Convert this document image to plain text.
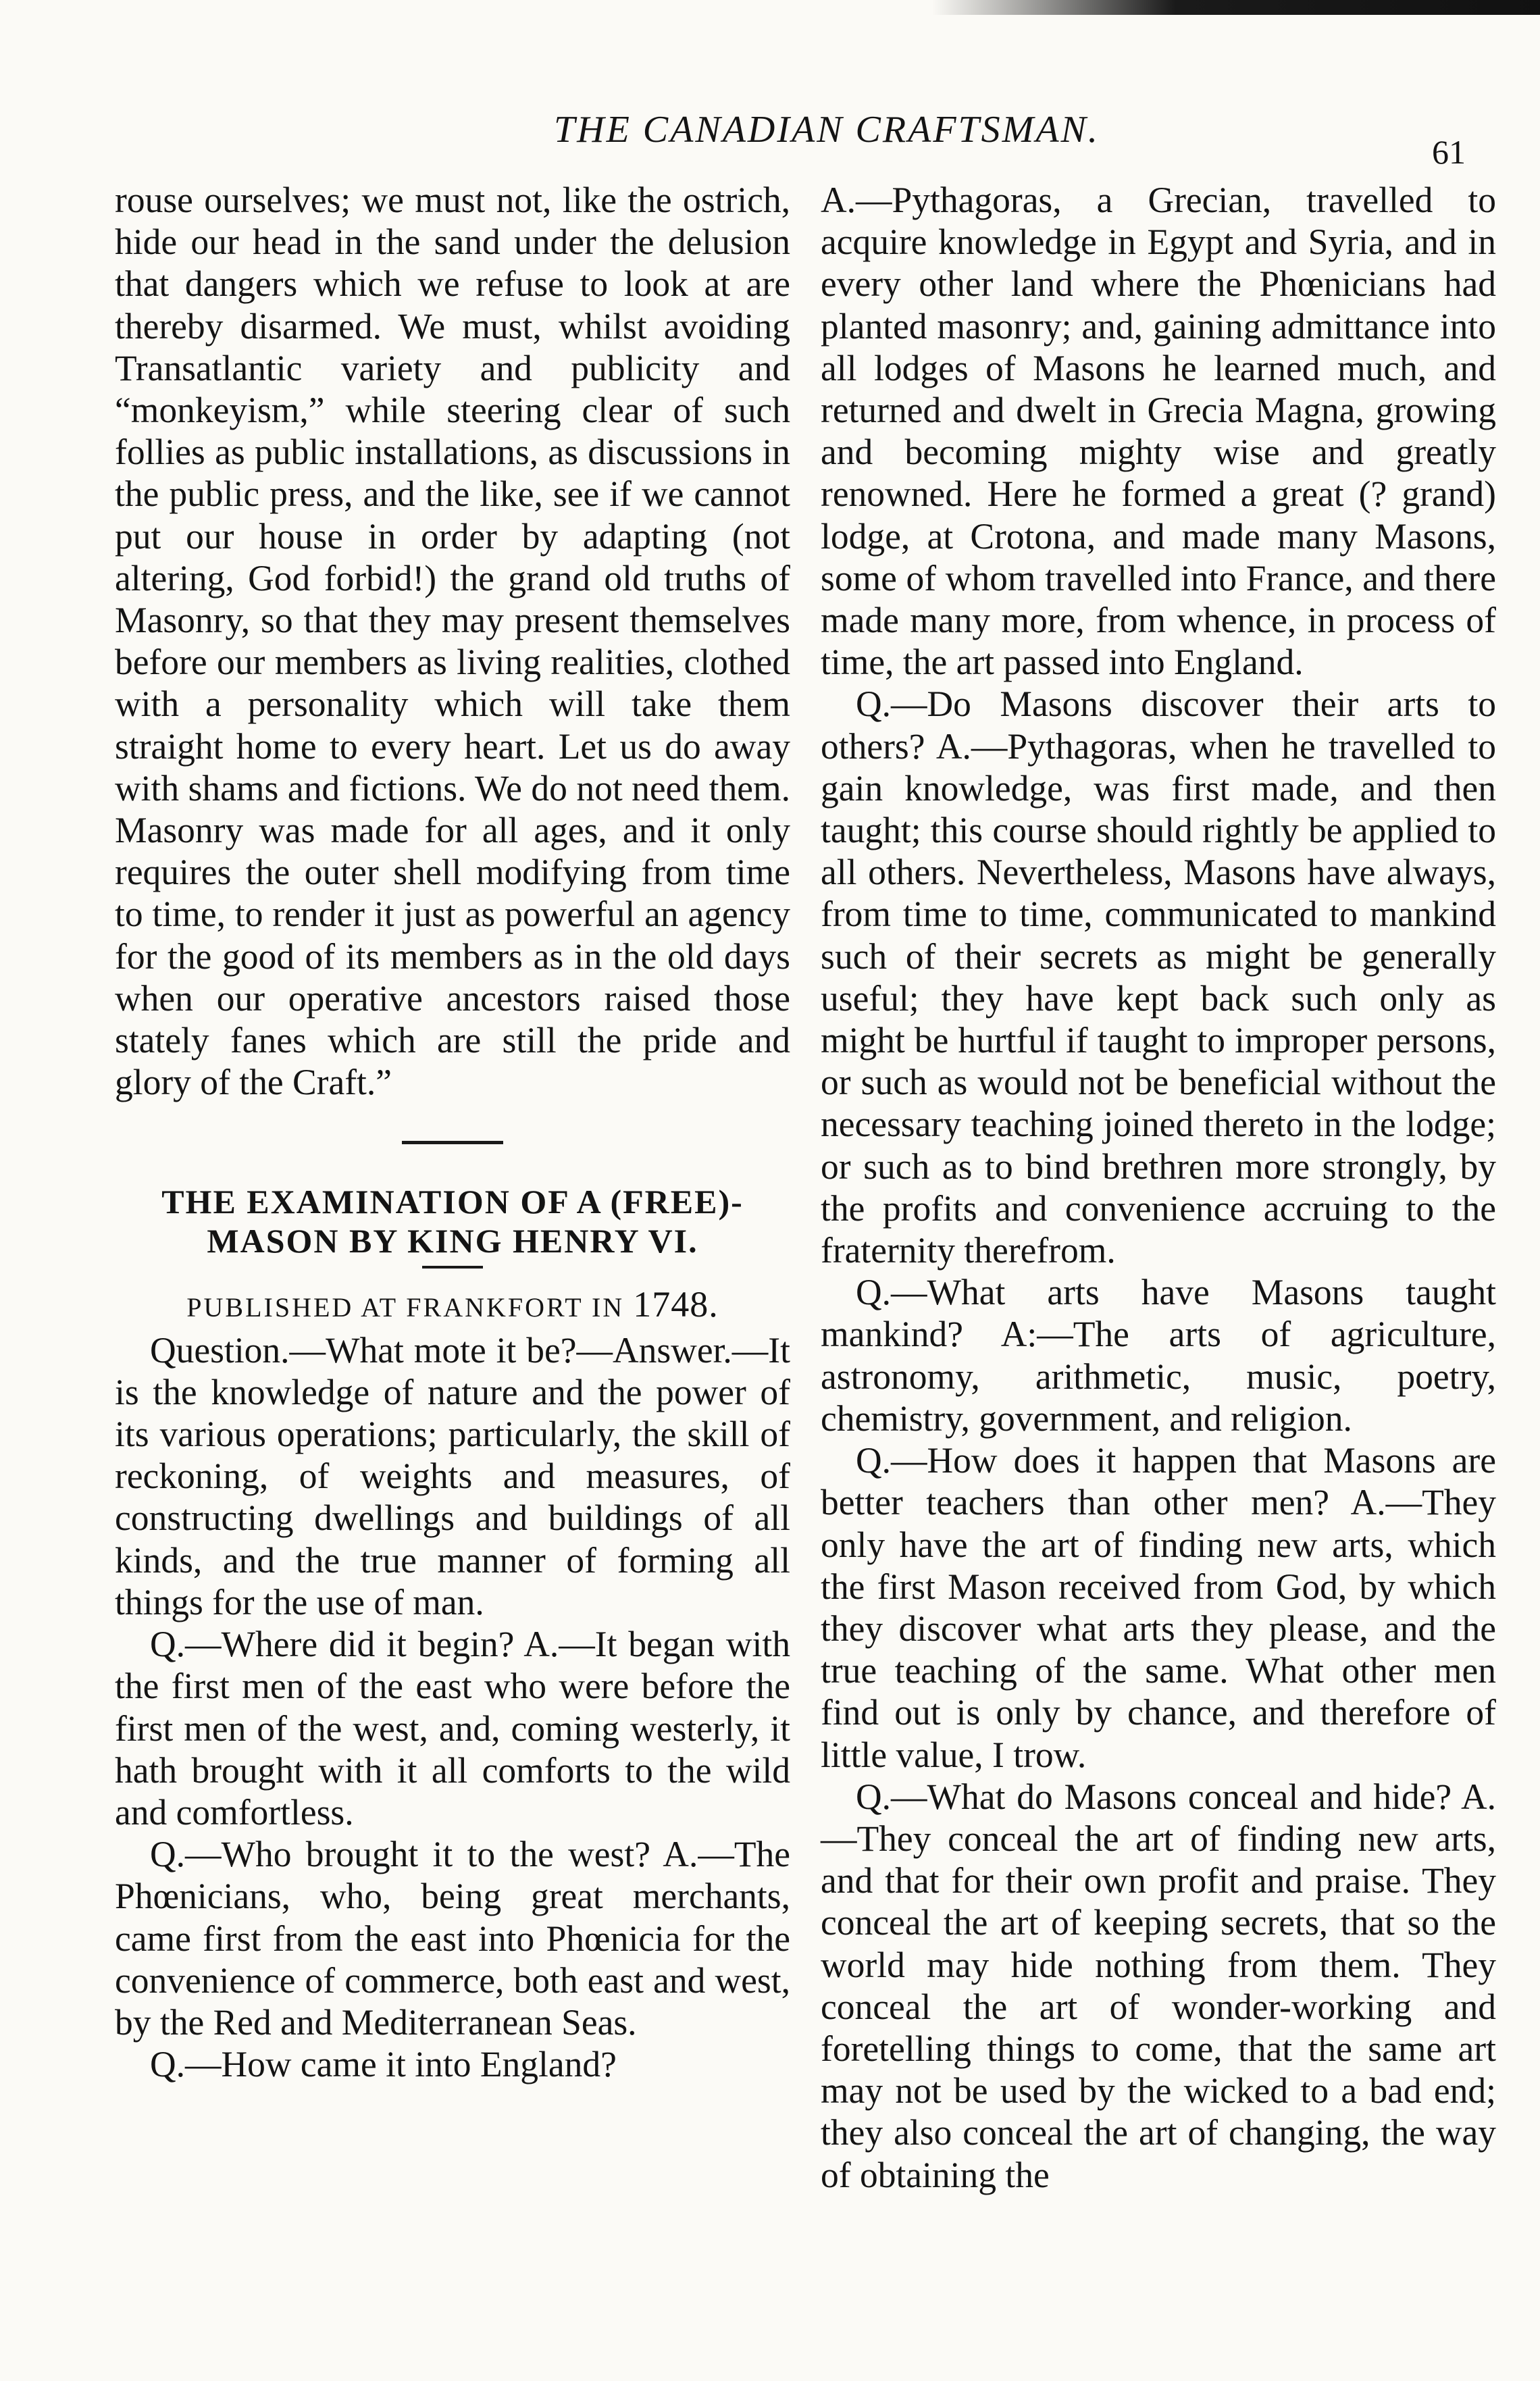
THE CANADIAN CRAFTSMAN.
61

rouse ourselves; we must not, like the ostrich, hide our head in the sand under the delusion that dangers which we refuse to look at are thereby disarmed. We must, whilst avoiding Transatlantic variety and publicity and “monkeyism,” while steering clear of such follies as public installations, as discussions in the public press, and the like, see if we cannot put our house in order by adapting (not altering, God forbid!) the grand old truths of Masonry, so that they may present themselves before our members as living realities, clothed with a personality which will take them straight home to every heart. Let us do away with shams and fictions. We do not need them. Masonry was made for all ages, and it only requires the outer shell modifying from time to time, to render it just as powerful an agency for the good of its members as in the old days when our operative ancestors raised those stately fanes which are still the pride and glory of the Craft.”

THE EXAMINATION OF A (FREE)-MASON BY KING HENRY VI.

PUBLISHED AT FRANKFORT IN 1748.

Question.—What mote it be?—Answer.—It is the knowledge of nature and the power of its various operations; particularly, the skill of reckoning, of weights and measures, of constructing dwellings and buildings of all kinds, and the true manner of forming all things for the use of man.

Q.—Where did it begin? A.—It began with the first men of the east who were before the first men of the west, and, coming westerly, it hath brought with it all comforts to the wild and comfortless.

Q.—Who brought it to the west? A.—The Phœnicians, who, being great merchants, came first from the east into Phœnicia for the convenience of commerce, both east and west, by the Red and Mediterranean Seas.

Q.—How came it into England?

A.—Pythagoras, a Grecian, travelled to acquire knowledge in Egypt and Syria, and in every other land where the Phœnicians had planted masonry; and, gaining admittance into all lodges of Masons he learned much, and returned and dwelt in Grecia Magna, growing and becoming mighty wise and greatly renowned. Here he formed a great (? grand) lodge, at Crotona, and made many Masons, some of whom travelled into France, and there made many more, from whence, in process of time, the art passed into England.

Q.—Do Masons discover their arts to others? A.—Pythagoras, when he travelled to gain knowledge, was first made, and then taught; this course should rightly be applied to all others. Nevertheless, Masons have always, from time to time, communicated to mankind such of their secrets as might be generally useful; they have kept back such only as might be hurtful if taught to improper persons, or such as would not be beneficial without the necessary teaching joined thereto in the lodge; or such as to bind brethren more strongly, by the profits and convenience accruing to the fraternity therefrom.

Q.—What arts have Masons taught mankind? A:—The arts of agriculture, astronomy, arithmetic, music, poetry, chemistry, government, and religion.

Q.—How does it happen that Masons are better teachers than other men? A.—They only have the art of finding new arts, which the first Mason received from God, by which they discover what arts they please, and the true teaching of the same. What other men find out is only by chance, and therefore of little value, I trow.

Q.—What do Masons conceal and hide? A.—They conceal the art of finding new arts, and that for their own profit and praise. They conceal the art of keeping secrets, that so the world may hide nothing from them. They conceal the art of wonder-working and foretelling things to come, that the same art may not be used by the wicked to a bad end; they also conceal the art of changing, the way of obtaining the
